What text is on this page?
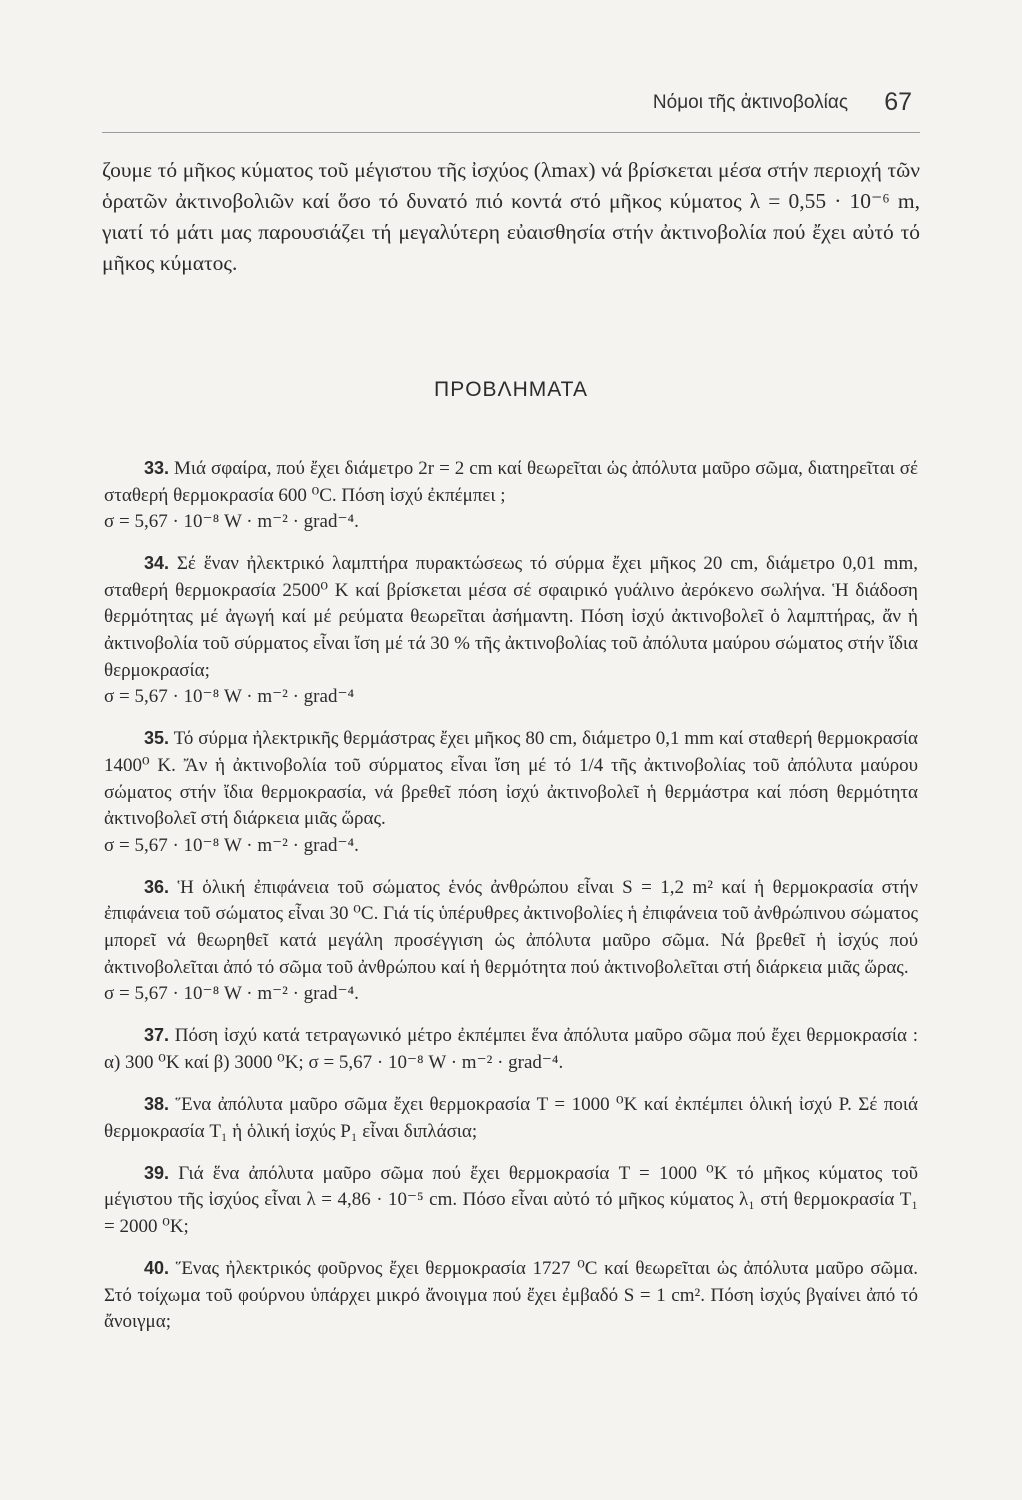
Νόμοι τῆς ἀκτινοβολίας 67
ζουμε τό μῆκος κύματος τοῦ μέγιστου τῆς ἰσχύος (λmax) νά βρίσκεται μέσα στήν περιοχή τῶν ὁρατῶν ἀκτινοβολιῶν καί ὅσο τό δυνατό πιό κοντά στό μῆκος κύματος λ = 0,55 · 10⁻⁶ m, γιατί τό μάτι μας παρουσιάζει τή μεγαλύτερη εὐαισθησία στήν ἀκτινοβολία πού ἔχει αὐτό τό μῆκος κύματος.
ΠΡΟΒΛΗΜΑΤΑ

33. Μιά σφαίρα, πού ἔχει διάμετρο 2r = 2 cm καί θεωρεῖται ὡς ἀπόλυτα μαῦρο σῶμα, διατηρεῖται σέ σταθερή θερμοκρασία 600 ⁰C. Πόση ἰσχύ ἐκπέμπει ;

σ = 5,67 · 10⁻⁸ W · m⁻² · grad⁻⁴.

34. Σέ ἕναν ἠλεκτρικό λαμπτήρα πυρακτώσεως τό σύρμα ἔχει μῆκος 20 cm, διάμετρο 0,01 mm, σταθερή θερμοκρασία 2500⁰ K καί βρίσκεται μέσα σέ σφαιρικό γυάλινο ἀερόκενο σωλήνα. Ἡ διάδοση θερμότητας μέ ἀγωγή καί μέ ρεύματα θεωρεῖται ἀσήμαντη. Πόση ἰσχύ ἀκτινοβολεῖ ὁ λαμπτήρας, ἄν ἡ ἀκτινοβολία τοῦ σύρματος εἶναι ἴση μέ τά 30 % τῆς ἀκτινοβολίας τοῦ ἀπόλυτα μαύρου σώματος στήν ἴδια θερμοκρασία;

σ = 5,67 · 10⁻⁸ W · m⁻² · grad⁻⁴

35. Τό σύρμα ἠλεκτρικῆς θερμάστρας ἔχει μῆκος 80 cm, διάμετρο 0,1 mm καί σταθερή θερμοκρασία 1400⁰ K. Ἄν ἡ ἀκτινοβολία τοῦ σύρματος εἶναι ἴση μέ τό 1/4 τῆς ἀκτινοβολίας τοῦ ἀπόλυτα μαύρου σώματος στήν ἴδια θερμοκρασία, νά βρεθεῖ πόση ἰσχύ ἀκτινοβολεῖ ἡ θερμάστρα καί πόση θερμότητα ἀκτινοβολεῖ στή διάρκεια μιᾶς ὥρας.

σ = 5,67 · 10⁻⁸ W · m⁻² · grad⁻⁴.

36. Ἡ ὁλική ἐπιφάνεια τοῦ σώματος ἑνός ἀνθρώπου εἶναι S = 1,2 m² καί ἡ θερμοκρασία στήν ἐπιφάνεια τοῦ σώματος εἶναι 30 ⁰C. Γιά τίς ὑπέρυθρες ἀκτινοβολίες ἡ ἐπιφάνεια τοῦ ἀνθρώπινου σώματος μπορεῖ νά θεωρηθεῖ κατά μεγάλη προσέγγιση ὡς ἀπόλυτα μαῦρο σῶμα. Νά βρεθεῖ ἡ ἰσχύς πού ἀκτινοβολεῖται ἀπό τό σῶμα τοῦ ἀνθρώπου καί ἡ θερμότητα πού ἀκτινοβολεῖται στή διάρκεια μιᾶς ὥρας.

σ = 5,67 · 10⁻⁸ W · m⁻² · grad⁻⁴.

37. Πόση ἰσχύ κατά τετραγωνικό μέτρο ἐκπέμπει ἕνα ἀπόλυτα μαῦρο σῶμα πού ἔχει θερμοκρασία : α) 300 ⁰K καί β) 3000 ⁰K; σ = 5,67 · 10⁻⁸ W · m⁻² · grad⁻⁴.

38. Ἕνα ἀπόλυτα μαῦρο σῶμα ἔχει θερμοκρασία T = 1000 ⁰K καί ἐκπέμπει ὁλική ἰσχύ P. Σέ ποιά θερμοκρασία T₁ ἡ ὁλική ἰσχύς P₁ εἶναι διπλάσια;

39. Γιά ἕνα ἀπόλυτα μαῦρο σῶμα πού ἔχει θερμοκρασία T = 1000 ⁰K τό μῆκος κύματος τοῦ μέγιστου τῆς ἰσχύος εἶναι λ = 4,86 · 10⁻⁵ cm. Πόσο εἶναι αὐτό τό μῆκος κύματος λ₁ στή θερμοκρασία T₁ = 2000 ⁰K;

40. Ἕνας ἠλεκτρικός φοῦρνος ἔχει θερμοκρασία 1727 ⁰C καί θεωρεῖται ὡς ἀπόλυτα μαῦρο σῶμα. Στό τοίχωμα τοῦ φούρνου ὑπάρχει μικρό ἄνοιγμα πού ἔχει ἐμβαδό S = 1 cm². Πόση ἰσχύς βγαίνει ἀπό τό ἄνοιγμα;
